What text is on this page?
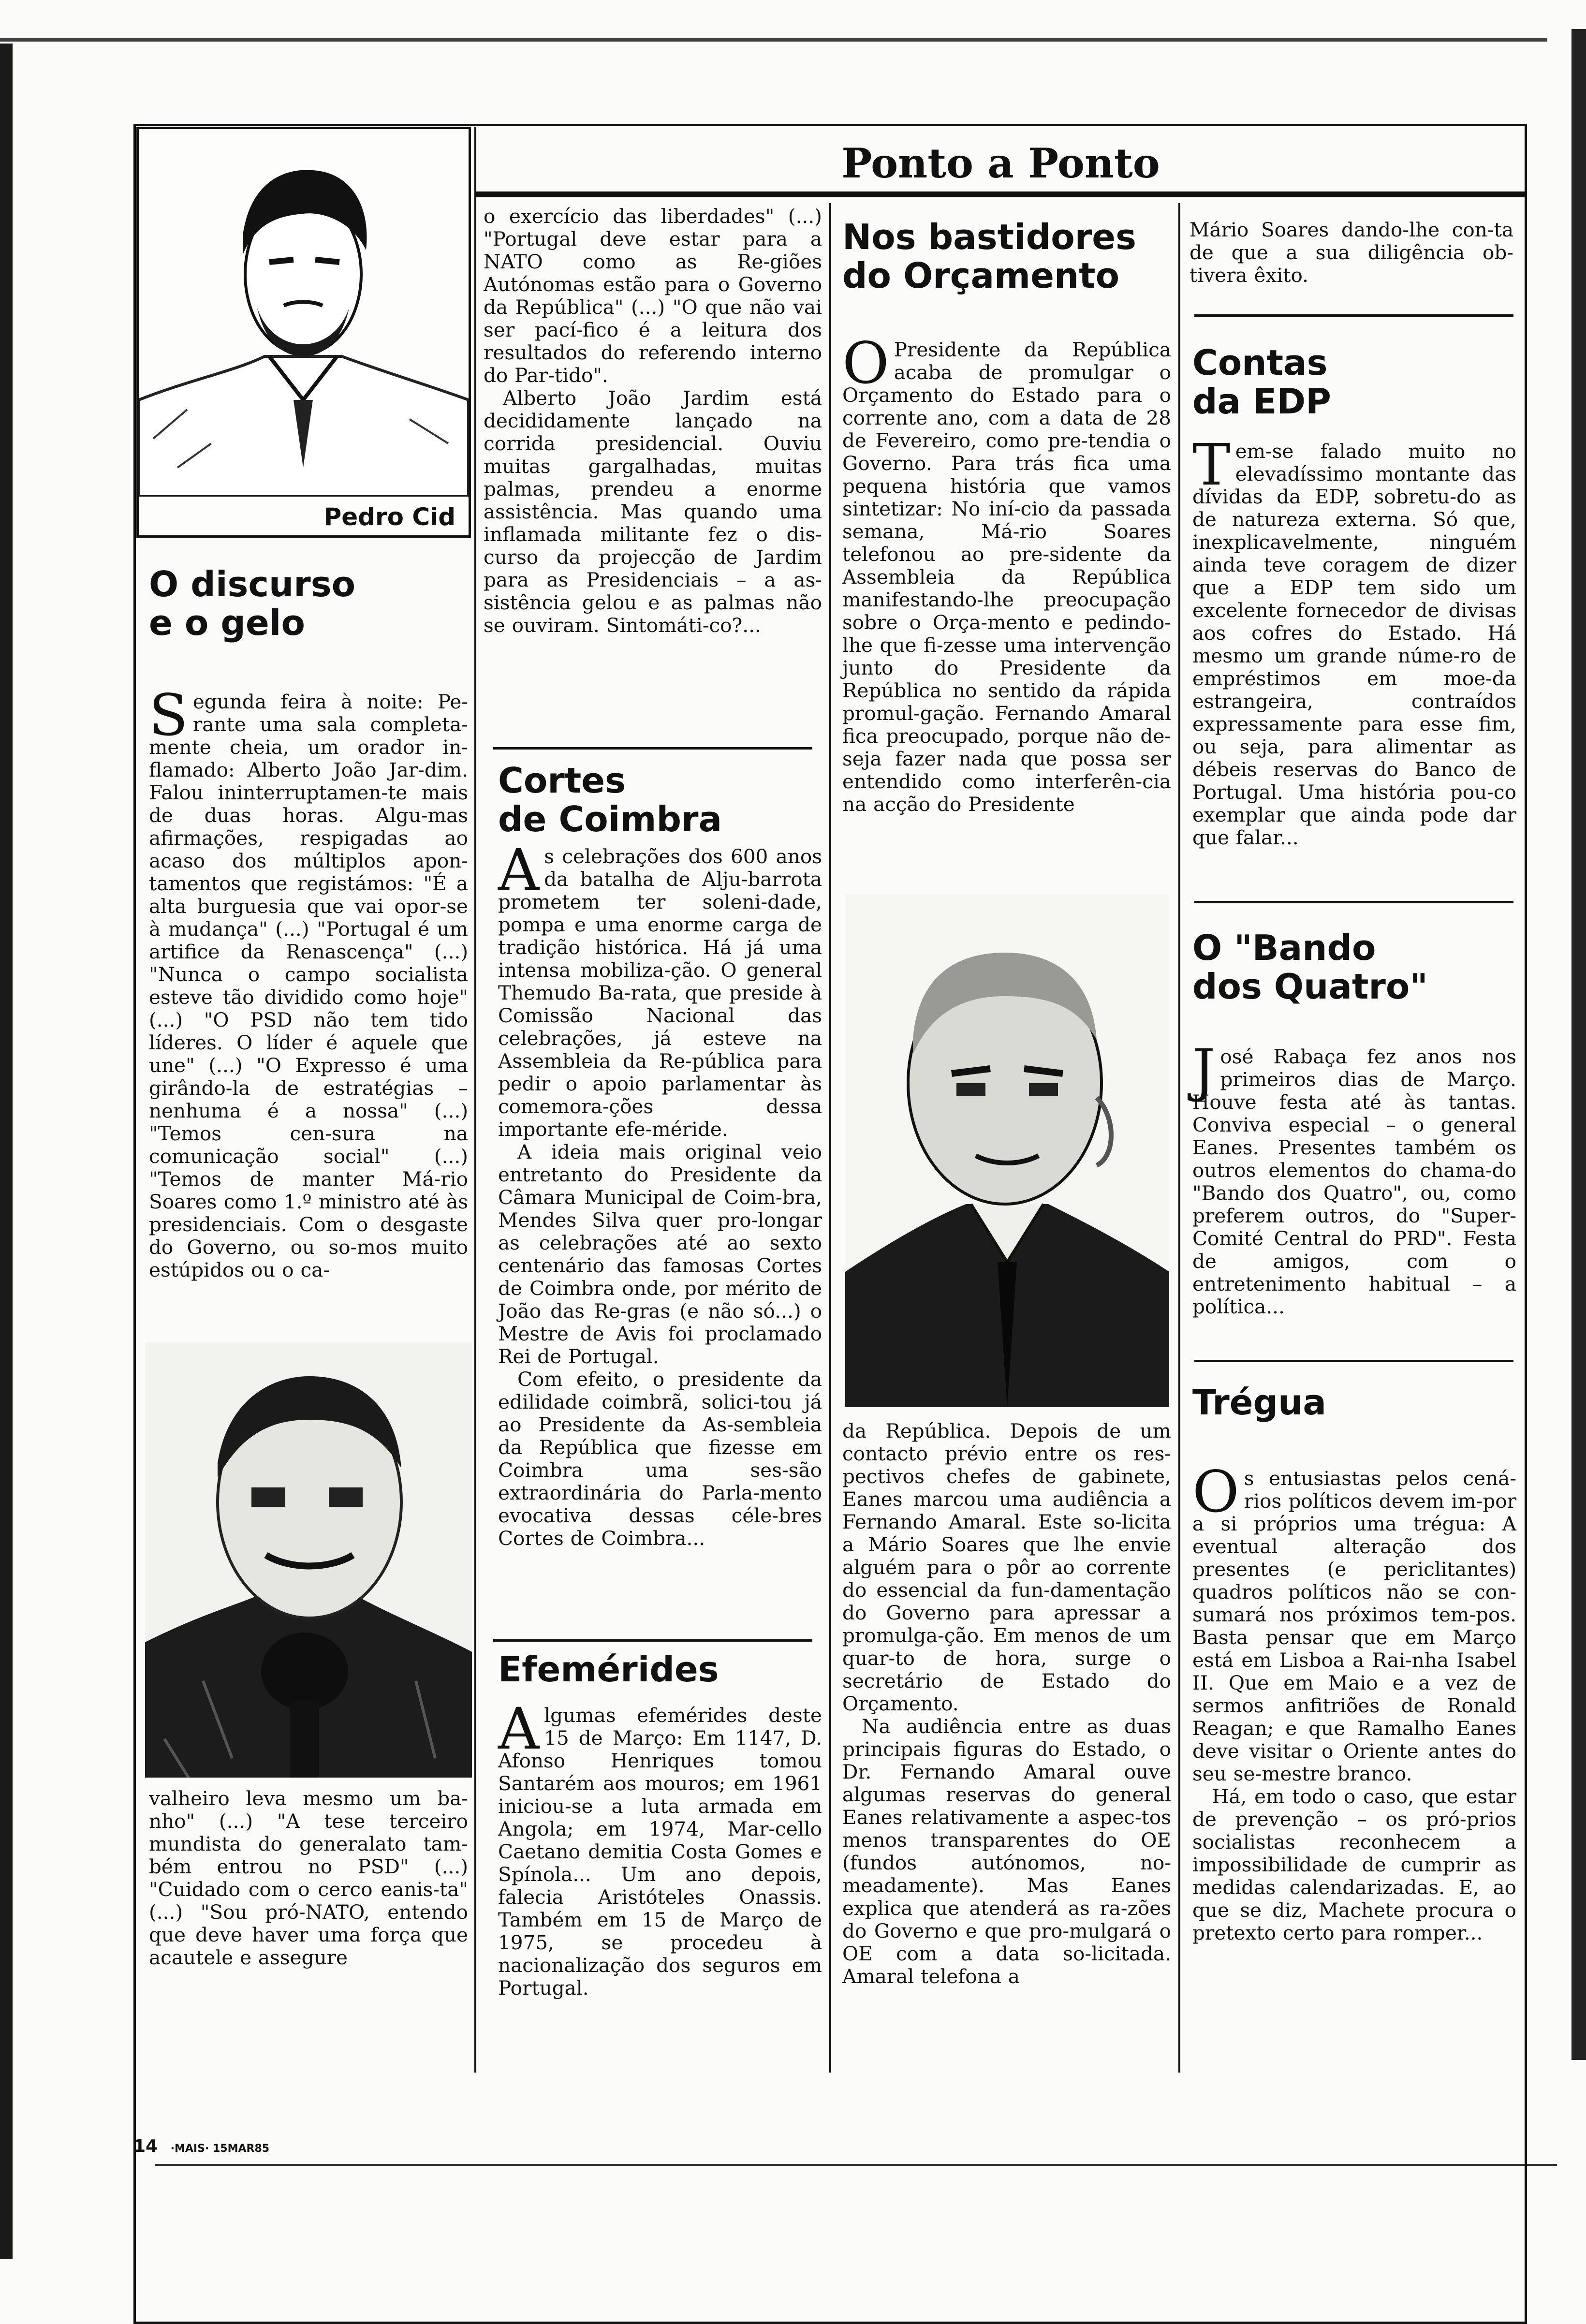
Ponto a Ponto
Pedro Cid
O discurso
e o gelo

Segunda feira à noite: Pe-rante uma sala completa-mente cheia, um orador in-flamado: Alberto João Jar-dim. Falou ininterruptamen-te mais de duas horas. Algu-mas afirmações, respigadas ao acaso dos múltiplos apon-tamentos que registámos: "É a alta burguesia que vai opor-se à mudança" (...) "Portugal é um artifice da Renascença" (...) "Nunca o campo socialista esteve tão dividido como hoje" (...) "O PSD não tem tido líderes. O líder é aquele que une" (...) "O Expresso é uma girândo-la de estratégias – nenhuma é a nossa" (...) "Temos cen-sura na comunicação social" (...) "Temos de manter Má-rio Soares como 1.º ministro até às presidenciais. Com o desgaste do Governo, ou so-mos muito estúpidos ou o ca-

valheiro leva mesmo um ba-nho" (...) "A tese terceiro mundista do generalato tam-bém entrou no PSD" (...) "Cuidado com o cerco eanis-ta" (...) "Sou pró-NATO, entendo que deve haver uma força que acautele e assegure

o exercício das liberdades" (...) "Portugal deve estar para a NATO como as Re-giões Autónomas estão para o Governo da República" (...) "O que não vai ser pací-fico é a leitura dos resultados do referendo interno do Par-tido".

Alberto João Jardim está decididamente lançado na corrida presidencial. Ouviu muitas gargalhadas, muitas palmas, prendeu a enorme assistência. Mas quando uma inflamada militante fez o dis-curso da projecção de Jardim para as Presidenciais – a as-sistência gelou e as palmas não se ouviram. Sintomáti-co?...

Cortes
de Coimbra

As celebrações dos 600 anos da batalha de Alju-barrota prometem ter soleni-dade, pompa e uma enorme carga de tradição histórica. Há já uma intensa mobiliza-ção. O general Themudo Ba-rata, que preside à Comissão Nacional das celebrações, já esteve na Assembleia da Re-pública para pedir o apoio parlamentar às comemora-ções dessa importante efe-méride.

A ideia mais original veio entretanto do Presidente da Câmara Municipal de Coim-bra, Mendes Silva quer pro-longar as celebrações até ao sexto centenário das famosas Cortes de Coimbra onde, por mérito de João das Re-gras (e não só...) o Mestre de Avis foi proclamado Rei de Portugal.

Com efeito, o presidente da edilidade coimbrã, solici-tou já ao Presidente da As-sembleia da República que fizesse em Coimbra uma ses-são extraordinária do Parla-mento evocativa dessas céle-bres Cortes de Coimbra...

Efemérides

Algumas efemérides deste 15 de Março: Em 1147, D. Afonso Henriques tomou Santarém aos mouros; em 1961 iniciou-se a luta armada em Angola; em 1974, Mar-cello Caetano demitia Costa Gomes e Spínola... Um ano depois, falecia Aristóteles Onassis. Também em 15 de Março de 1975, se procedeu à nacionalização dos seguros em Portugal.

Nos bastidores
do Orçamento

O Presidente da República acaba de promulgar o Orçamento do Estado para o corrente ano, com a data de 28 de Fevereiro, como pre-tendia o Governo. Para trás fica uma pequena história que vamos sintetizar: No iní-cio da passada semana, Má-rio Soares telefonou ao pre-sidente da Assembleia da República manifestando-lhe preocupação sobre o Orça-mento e pedindo-lhe que fi-zesse uma intervenção junto do Presidente da República no sentido da rápida promul-gação. Fernando Amaral fica preocupado, porque não de-seja fazer nada que possa ser entendido como interferên-cia na acção do Presidente

da República. Depois de um contacto prévio entre os res-pectivos chefes de gabinete, Eanes marcou uma audiência a Fernando Amaral. Este so-licita a Mário Soares que lhe envie alguém para o pôr ao corrente do essencial da fun-damentação do Governo para apressar a promulga-ção. Em menos de um quar-to de hora, surge o secretário de Estado do Orçamento.

Na audiência entre as duas principais figuras do Estado, o Dr. Fernando Amaral ouve algumas reservas do general Eanes relativamente a aspec-tos menos transparentes do OE (fundos autónomos, no-meadamente). Mas Eanes explica que atenderá as ra-zões do Governo e que pro-mulgará o OE com a data so-licitada. Amaral telefona a

Mário Soares dando-lhe con-ta de que a sua diligência ob-tivera êxito.

Contas
da EDP

Tem-se falado muito no elevadíssimo montante das dívidas da EDP, sobretu-do as de natureza externa. Só que, inexplicavelmente, ninguém ainda teve coragem de dizer que a EDP tem sido um excelente fornecedor de divisas aos cofres do Estado. Há mesmo um grande núme-ro de empréstimos em moe-da estrangeira, contraídos expressamente para esse fim, ou seja, para alimentar as débeis reservas do Banco de Portugal. Uma história pou-co exemplar que ainda pode dar que falar...

O "Bando
dos Quatro"

José Rabaça fez anos nos primeiros dias de Março. Houve festa até às tantas. Conviva especial – o general Eanes. Presentes também os outros elementos do chama-do "Bando dos Quatro", ou, como preferem outros, do "Super-Comité Central do PRD". Festa de amigos, com o entretenimento habitual – a política...

Trégua

Os entusiastas pelos cená-rios políticos devem im-por a si próprios uma trégua: A eventual alteração dos presentes (e periclitantes) quadros políticos não se con-sumará nos próximos tem-pos. Basta pensar que em Março está em Lisboa a Rai-nha Isabel II. Que em Maio e a vez de sermos anfitriões de Ronald Reagan; e que Ramalho Eanes deve visitar o Oriente antes do seu se-mestre branco.

Há, em todo o caso, que estar de prevenção – os pró-prios socialistas reconhecem a impossibilidade de cumprir as medidas calendarizadas. E, ao que se diz, Machete procura o pretexto certo para romper...

14 ·MAIS· 15MAR85
